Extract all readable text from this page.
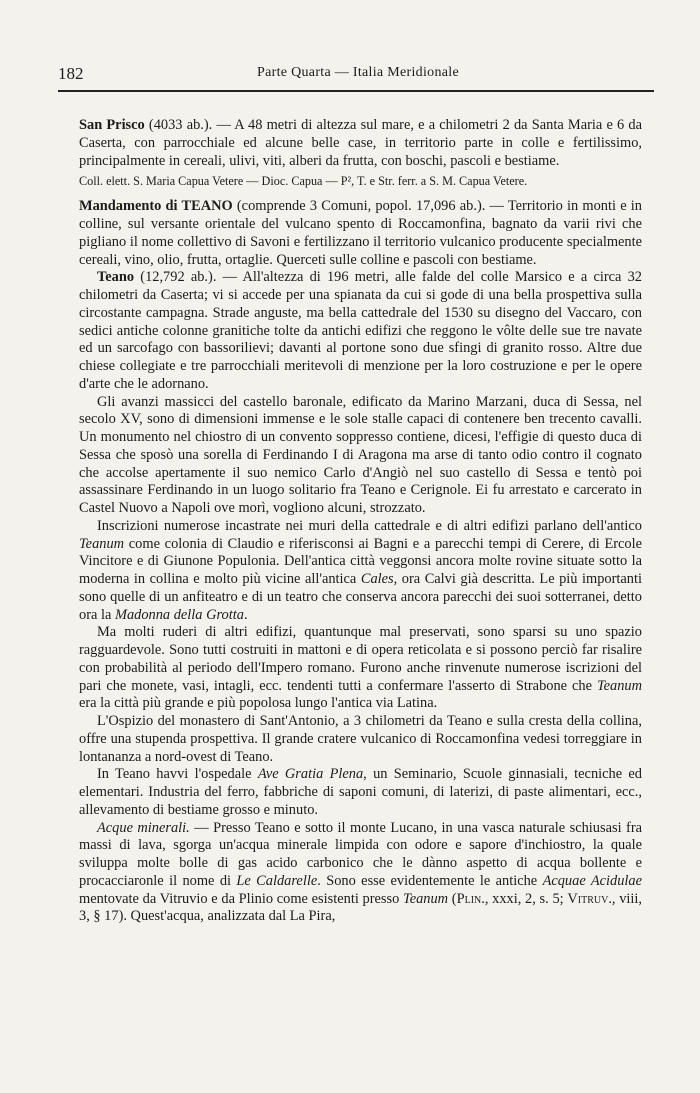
182	Parte Quarta — Italia Meridionale

San Prisco (4033 ab.). — A 48 metri di altezza sul mare, e a chilometri 2 da Santa Maria e 6 da Caserta, con parrocchiale ed alcune belle case, in territorio parte in colle e fertilissimo, principalmente in cereali, ulivi, viti, alberi da frutta, con boschi, pascoli e bestiame.

Coll. elett. S. Maria Capua Vetere — Dioc. Capua — P², T. e Str. ferr. a S. M. Capua Vetere.

Mandamento di TEANO (comprende 3 Comuni, popol. 17,096 ab.). — Territorio in monti e in colline, sul versante orientale del vulcano spento di Roccamonfina, bagnato da varii rivi che pigliano il nome collettivo di Savoni e fertilizzano il territorio vulcanico producente specialmente cereali, vino, olio, frutta, ortaglie. Querceti sulle colline e pascoli con bestiame.

Teano (12,792 ab.). — All'altezza di 196 metri, alle falde del colle Marsico e a circa 32 chilometri da Caserta; vi si accede per una spianata da cui si gode di una bella prospettiva sulla circostante campagna. Strade anguste, ma bella cattedrale del 1530 su disegno del Vaccaro, con sedici antiche colonne granitiche tolte da antichi edifizi che reggono le vôlte delle sue tre navate ed un sarcofago con bassorilievi; davanti al portone sono due sfingi di granito rosso. Altre due chiese collegiate e tre parrocchiali meritevoli di menzione per la loro costruzione e per le opere d'arte che le adornano.

Gli avanzi massicci del castello baronale, edificato da Marino Marzani, duca di Sessa, nel secolo XV, sono di dimensioni immense e le sole stalle capaci di contenere ben trecento cavalli. Un monumento nel chiostro di un convento soppresso contiene, dicesi, l'effigie di questo duca di Sessa che sposò una sorella di Ferdinando I di Aragona ma arse di tanto odio contro il cognato che accolse apertamente il suo nemico Carlo d'Angiò nel suo castello di Sessa e tentò poi assassinare Ferdinando in un luogo solitario fra Teano e Cerignole. Ei fu arrestato e carcerato in Castel Nuovo a Napoli ove morì, vogliono alcuni, strozzato.

Inscrizioni numerose incastrate nei muri della cattedrale e di altri edifizi parlano dell'antico Teanum come colonia di Claudio e riferisconsi ai Bagni e a parecchi tempi di Cerere, di Ercole Vincitore e di Giunone Populonia. Dell'antica città veggonsi ancora molte rovine situate sotto la moderna in collina e molto più vicine all'antica Cales, ora Calvi già descritta. Le più importanti sono quelle di un anfiteatro e di un teatro che conserva ancora parecchi dei suoi sotterranei, detto ora la Madonna della Grotta.

Ma molti ruderi di altri edifizi, quantunque mal preservati, sono sparsi su uno spazio ragguardevole. Sono tutti costruiti in mattoni e di opera reticolata e si possono perciò far risalire con probabilità al periodo dell'Impero romano. Furono anche rinvenute numerose iscrizioni del pari che monete, vasi, intagli, ecc. tendenti tutti a confermare l'asserto di Strabone che Teanum era la città più grande e più popolosa lungo l'antica via Latina.

L'Ospizio del monastero di Sant'Antonio, a 3 chilometri da Teano e sulla cresta della collina, offre una stupenda prospettiva. Il grande cratere vulcanico di Roccamonfina vedesi torreggiare in lontananza a nord-ovest di Teano.

In Teano havvi l'ospedale Ave Gratia Plena, un Seminario, Scuole ginnasiali, tecniche ed elementari. Industria del ferro, fabbriche di saponi comuni, di laterizi, di paste alimentari, ecc., allevamento di bestiame grosso e minuto.

Acque minerali. — Presso Teano e sotto il monte Lucano, in una vasca naturale schiusasi fra massi di lava, sgorga un'acqua minerale limpida con odore e sapore d'inchiostro, la quale sviluppa molte bolle di gas acido carbonico che le dànno aspetto di acqua bollente e procacciaronle il nome di Le Caldarelle. Sono esse evidentemente le antiche Acquae Acidulae mentovate da Vitruvio e da Plinio come esistenti presso Teanum (Plin., xxxi, 2, s. 5; Vitruv., viii, 3, § 17). Quest'acqua, analizzata dal La Pira,
